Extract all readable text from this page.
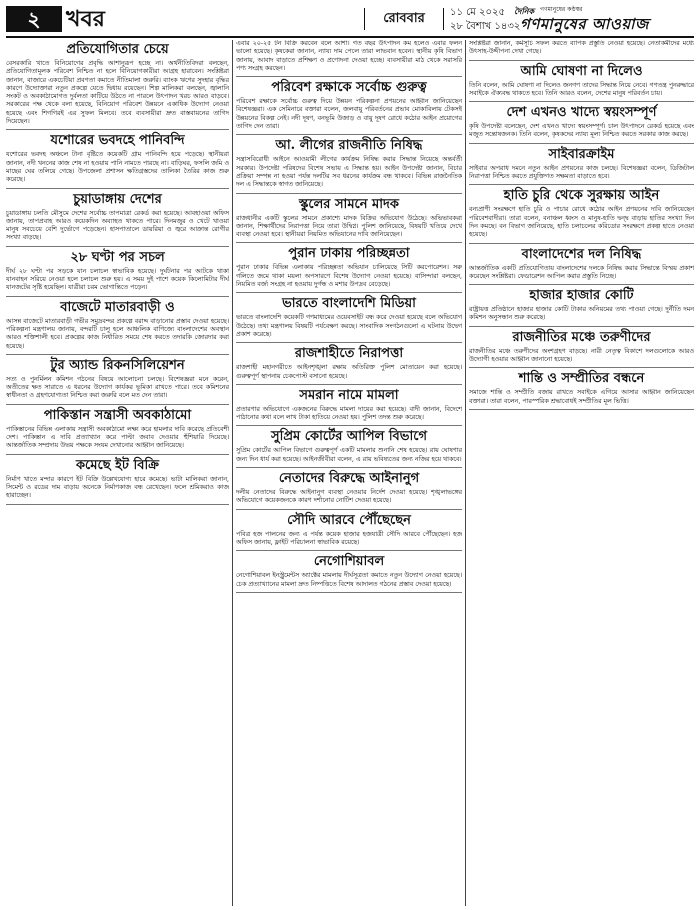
২	খবর	রোববার	১১ মে ২০২৫
২৮ বৈশাখ ১৪৩২
দৈনিক গণমানুষের কণ্ঠস্বর
গণমানুষের আওয়াজ
প্রতিযোগিতার চেয়ে

বেসরকারি খাতে বিনিয়োগের প্রবৃদ্ধি আশানুরূপ হচ্ছে না। অর্থনীতিবিদরা বলছেন, প্রতিযোগিতামূলক পরিবেশ নিশ্চিত না হলে বিনিয়োগকারীরা আগ্রহ হারাবেন। সংশ্লিষ্টরা জানান, বাজারে একচেটিয়া প্রবণতা কমাতে নীতিমালা জরুরি। ব্যাংক ঋণের সুদহার বৃদ্ধির কারণে উদ্যোক্তারা নতুন প্রকল্পে যেতে দ্বিধায় রয়েছেন। শিল্প মালিকরা বলছেন, জ্বালানি সংকট ও অবকাঠামোগত দুর্বলতা কাটিয়ে উঠতে না পারলে উৎপাদন খরচ আরও বাড়বে। সরকারের পক্ষ থেকে বলা হয়েছে, বিনিয়োগ পরিবেশ উন্নয়নে একাধিক উদ্যোগ নেওয়া হয়েছে এবং শিগগিরই এর সুফল মিলবে। তবে ব্যবসায়ীরা দ্রুত বাস্তবায়নের তাগিদ দিয়েছেন।

যশোরের ভবদহে পানিবন্দি

যশোরের ভবদহ অঞ্চলে টানা বৃষ্টিতে কয়েকটি গ্রাম পানিবন্দি হয়ে পড়েছে। স্থানীয়রা জানান, নদী খননের কাজ শেষ না হওয়ায় পানি নামতে পারছে না। বাড়িঘর, ফসলি জমি ও মাছের ঘের তলিয়ে গেছে। উপজেলা প্রশাসন ক্ষতিগ্রস্তদের তালিকা তৈরির কাজ শুরু করেছে।

চুয়াডাঙ্গায় দেশের

চুয়াডাঙ্গায় চলতি মৌসুমে দেশের সর্বোচ্চ তাপমাত্রা রেকর্ড করা হয়েছে। আবহাওয়া অফিস জানায়, তাপপ্রবাহ আরও কয়েকদিন অব্যাহত থাকতে পারে। দিনমজুর ও খেটে খাওয়া মানুষ সবচেয়ে বেশি দুর্ভোগে পড়েছেন। হাসপাতালে ডায়রিয়া ও জ্বরে আক্রান্ত রোগীর সংখ্যা বাড়ছে।

২৮ ঘণ্টা পর সচল

দীর্ঘ ২৮ ঘণ্টা পর সড়কে যান চলাচল স্বাভাবিক হয়েছে। দুর্ঘটনার পর আটকে থাকা যানবাহন সরিয়ে নেওয়া হলে চলাচল শুরু হয়। এ সময় দুই পাশে কয়েক কিলোমিটার দীর্ঘ যানজটের সৃষ্টি হয়েছিল। যাত্রীরা চরম ভোগান্তিতে পড়েন।

বাজেটে মাতারবাড়ী ও

আসন্ন বাজেটে মাতারবাড়ী গভীর সমুদ্রবন্দর প্রকল্পে বরাদ্দ বাড়ানোর প্রস্তাব দেওয়া হয়েছে। পরিকল্পনা মন্ত্রণালয় জানায়, বন্দরটি চালু হলে আঞ্চলিক বাণিজ্যে বাংলাদেশের অবস্থান আরও শক্তিশালী হবে। প্রকল্পের কাজ নির্ধারিত সময়ে শেষ করতে তদারকি জোরদার করা হয়েছে।

টুর অ্যান্ড রিকনসিলিয়েশন

সত্য ও পুনর্মিলন কমিশন গঠনের বিষয়ে আলোচনা চলছে। বিশেষজ্ঞরা মনে করেন, অতীতের ক্ষত সারাতে এ ধরনের উদ্যোগ কার্যকর ভূমিকা রাখতে পারে। তবে কমিশনের স্বাধীনতা ও গ্রহণযোগ্যতা নিশ্চিত করা জরুরি বলে মত দেন তারা।

পাকিস্তান সন্ত্রাসী অবকাঠামো

পাকিস্তানের বিভিন্ন এলাকায় সন্ত্রাসী অবকাঠামো লক্ষ্য করে হামলার দাবি করেছে প্রতিবেশী দেশ। পাকিস্তান এ দাবি প্রত্যাখ্যান করে পাল্টা জবাব দেওয়ার হুঁশিয়ারি দিয়েছে। আন্তর্জাতিক সম্প্রদায় উভয় পক্ষকে সংযম দেখানোর আহ্বান জানিয়েছে।

কমেছে ইট বিক্রি

নির্মাণ খাতে মন্দার কারণে ইট বিক্রি উল্লেখযোগ্য হারে কমেছে। ভাটা মালিকরা জানান, সিমেন্ট ও রডের দাম বাড়ায় অনেকে নির্মাণকাজ বন্ধ রেখেছেন। ফলে শ্রমিকরাও কাজ হারাচ্ছেন।

এবার ২০-২৫ টন বিক্রি করবেন বলে আশা। গত বছর উৎপাদন কম হলেও এবার ফলন ভালো হয়েছে। কৃষকেরা জানান, ন্যায্য দাম পেলে তারা লাভবান হবেন। স্থানীয় কৃষি বিভাগ জানায়, আবাদ বাড়াতে প্রশিক্ষণ ও প্রণোদনা দেওয়া হচ্ছে। ব্যবসায়ীরা মাঠ থেকে সরাসরি পণ্য সংগ্রহ করছেন।

পরিবেশ রক্ষাকে সর্বোচ্চ গুরুত্ব

পরিবেশ রক্ষাকে সর্বোচ্চ গুরুত্ব দিয়ে উন্নয়ন পরিকল্পনা প্রণয়নের আহ্বান জানিয়েছেন বিশেষজ্ঞরা। এক সেমিনারে বক্তারা বলেন, জলবায়ু পরিবর্তনের প্রভাব মোকাবিলায় টেকসই উন্নয়নের বিকল্প নেই। নদী দূষণ, বনভূমি উজাড় ও বায়ু দূষণ রোধে কঠোর আইন প্রয়োগের তাগিদ দেন তারা।

আ. লীগের রাজনীতি নিষিদ্ধ

সন্ত্রাসবিরোধী আইনে আওয়ামী লীগের কার্যক্রম নিষিদ্ধ করার সিদ্ধান্ত নিয়েছে অন্তর্বর্তী সরকার। উপদেষ্টা পরিষদের বিশেষ সভায় এ সিদ্ধান্ত হয়। আইন উপদেষ্টা জানান, বিচার প্রক্রিয়া সম্পন্ন না হওয়া পর্যন্ত দলটির সব ধরনের কার্যক্রম বন্ধ থাকবে। বিভিন্ন রাজনৈতিক দল এ সিদ্ধান্তকে স্বাগত জানিয়েছে।

স্কুলের সামনে মাদক

রাজধানীর একটি স্কুলের সামনে প্রকাশ্যে মাদক বিক্রির অভিযোগ উঠেছে। অভিভাবকরা জানান, শিক্ষার্থীদের নিরাপত্তা নিয়ে তারা উদ্বিগ্ন। পুলিশ জানিয়েছে, বিষয়টি খতিয়ে দেখে ব্যবস্থা নেওয়া হবে। স্থানীয়রা নিয়মিত অভিযানের দাবি জানিয়েছেন।

পুরান ঢাকায় পরিচ্ছন্নতা

পুরান ঢাকার বিভিন্ন এলাকায় পরিচ্ছন্নতা অভিযান চালিয়েছে সিটি করপোরেশন। সরু গলিতে জমে থাকা ময়লা অপসারণে বিশেষ উদ্যোগ নেওয়া হয়েছে। বাসিন্দারা বলছেন, নিয়মিত বর্জ্য সংগ্রহ না হওয়ায় দুর্গন্ধ ও মশার উপদ্রব বেড়েছে।

ভারতে বাংলাদেশি মিডিয়া

ভারতে বাংলাদেশি কয়েকটি গণমাধ্যমের ওয়েবসাইট বন্ধ করে দেওয়া হয়েছে বলে অভিযোগ উঠেছে। তথ্য মন্ত্রণালয় বিষয়টি পর্যবেক্ষণ করছে। সাংবাদিক সংগঠনগুলো এ ঘটনায় উদ্বেগ প্রকাশ করেছে।

রাজশাহীতে নিরাপত্তা

রাজশাহী মহানগরীতে আইনশৃঙ্খলা রক্ষায় অতিরিক্ত পুলিশ মোতায়েন করা হয়েছে। গুরুত্বপূর্ণ স্থাপনায় চেকপোস্ট বসানো হয়েছে।

সমরান নামে মামলা

প্রতারণার অভিযোগে একজনের বিরুদ্ধে মামলা দায়ের করা হয়েছে। বাদী জানান, বিদেশে পাঠানোর কথা বলে লাখ টাকা হাতিয়ে নেওয়া হয়। পুলিশ তদন্ত শুরু করেছে।

সুপ্রিম কোর্টের আপিল বিভাগে

সুপ্রিম কোর্টের আপিল বিভাগে গুরুত্বপূর্ণ একটি মামলার শুনানি শেষ হয়েছে। রায় ঘোষণার জন্য দিন ধার্য করা হয়েছে। আইনজীবীরা বলেন, এ রায় ভবিষ্যতের জন্য নজির হয়ে থাকবে।

নেতাদের বিরুদ্ধে আইনানুগ

দলীয় নেতাদের বিরুদ্ধে আইনানুগ ব্যবস্থা নেওয়ার নির্দেশ দেওয়া হয়েছে। শৃঙ্খলাভঙ্গের অভিযোগে কয়েকজনকে কারণ দর্শানোর নোটিশ দেওয়া হয়েছে।

সৌদি আরবে পৌঁছেছেন

পবিত্র হজ পালনের জন্য এ পর্যন্ত কয়েক হাজার হজযাত্রী সৌদি আরবে পৌঁছেছেন। হজ অফিস জানায়, ফ্লাইট পরিচালনা স্বাভাবিক রয়েছে।

নেগোশিয়াবল

নেগোশিয়াবল ইনস্ট্রুমেন্টস অ্যাক্টের মামলায় দীর্ঘসূত্রতা কমাতে নতুন উদ্যোগ নেওয়া হয়েছে। চেক প্রত্যাখ্যানের মামলা দ্রুত নিষ্পত্তিতে বিশেষ আদালত গঠনের প্রস্তাব দেওয়া হয়েছে।

সংশ্লিষ্টরা জানান, কর্মসূচি সফল করতে ব্যাপক প্রস্তুতি নেওয়া হয়েছে। নেতাকর্মীদের মধ্যে উৎসাহ-উদ্দীপনা দেখা গেছে।

আমি ঘোষণা না দিলেও

তিনি বলেন, আমি ঘোষণা না দিলেও জনগণ তাদের সিদ্ধান্ত নিয়ে নেবে। গণতন্ত্র পুনরুদ্ধারে সবাইকে ঐক্যবদ্ধ থাকতে হবে। তিনি আরও বলেন, দেশের মানুষ পরিবর্তন চায়।

দেশ এখনও খাদ্যে স্বয়ংসম্পূর্ণ

কৃষি উপদেষ্টা বলেছেন, দেশ এখনও খাদ্যে স্বয়ংসম্পূর্ণ। চাল উৎপাদনে রেকর্ড হয়েছে এবং মজুত সন্তোষজনক। তিনি বলেন, কৃষকদের ন্যায্য মূল্য নিশ্চিত করতে সরকার কাজ করছে।

সাইবারক্রাইম

সাইবার অপরাধ দমনে নতুন আইন প্রণয়নের কাজ চলছে। বিশেষজ্ঞরা বলেন, ডিজিটাল নিরাপত্তা নিশ্চিত করতে প্রযুক্তিগত সক্ষমতা বাড়াতে হবে।

হাতি চুরি থেকে সুরক্ষায় আইন

বন্যপ্রাণী সংরক্ষণে হাতি চুরি ও পাচার রোধে কঠোর আইন প্রণয়নের দাবি জানিয়েছেন পরিবেশবাদীরা। তারা বলেন, বনাঞ্চল ধ্বংস ও মানুষ-হাতি দ্বন্দ্ব বাড়ায় হাতির সংখ্যা দিন দিন কমছে। বন বিভাগ জানিয়েছে, হাতি চলাচলের করিডোর সংরক্ষণে প্রকল্প হাতে নেওয়া হয়েছে।

বাংলাদেশের দল নিষিদ্ধ

আন্তর্জাতিক একটি প্রতিযোগিতায় বাংলাদেশের দলকে নিষিদ্ধ করার সিদ্ধান্তে বিস্ময় প্রকাশ করেছেন সংশ্লিষ্টরা। ফেডারেশন আপিল করার প্রস্তুতি নিচ্ছে।

হাজার হাজার কোটি

রাষ্ট্রায়ত্ত প্রতিষ্ঠানে হাজার হাজার কোটি টাকার অনিয়মের তথ্য পাওয়া গেছে। দুর্নীতি দমন কমিশন অনুসন্ধান শুরু করেছে।

রাজনীতির মঞ্চে তরুণীদের

রাজনীতির মঞ্চে তরুণীদের অংশগ্রহণ বাড়ছে। নারী নেতৃত্ব বিকাশে দলগুলোকে আরও উদ্যোগী হওয়ার আহ্বান জানানো হয়েছে।

শান্তি ও সম্প্রীতির বন্ধনে

সমাজে শান্তি ও সম্প্রীতি বজায় রাখতে সবাইকে এগিয়ে আসার আহ্বান জানিয়েছেন বক্তারা। তারা বলেন, পারস্পরিক শ্রদ্ধাবোধই সম্প্রীতির মূল ভিত্তি।
